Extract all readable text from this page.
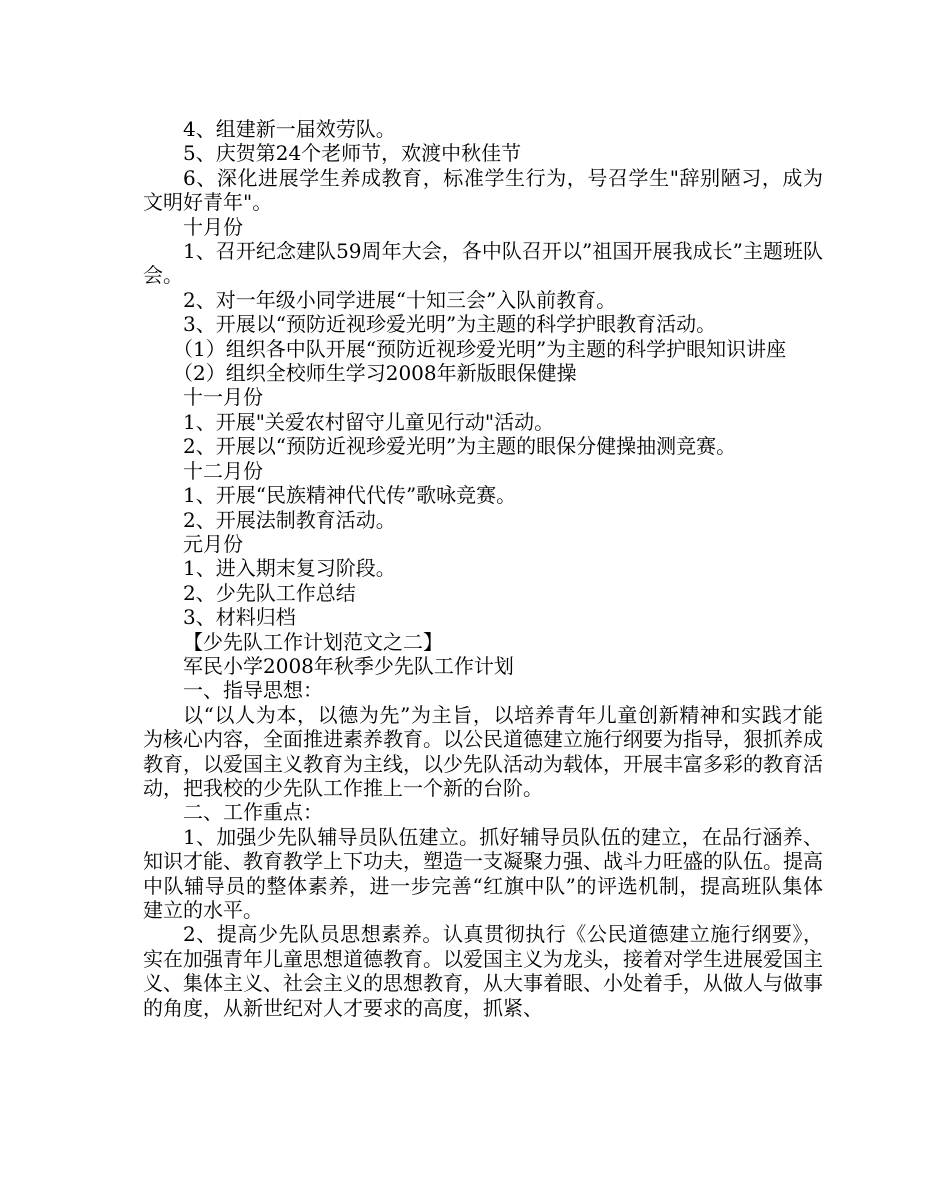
4、组建新一届效劳队。

5、庆贺第24个老师节，欢渡中秋佳节

6、深化进展学生养成教育，标准学生行为，号召学生"辞别陋习，成为文明好青年"。

十月份

1、召开纪念建队59周年大会，各中队召开以”祖国开展我成长”主题班队会。

2、对一年级小同学进展“十知三会”入队前教育。

3、开展以“预防近视珍爱光明”为主题的科学护眼教育活动。

（1）组织各中队开展“预防近视珍爱光明”为主题的科学护眼知识讲座

（2）组织全校师生学习2008年新版眼保健操

十一月份

1、开展"关爱农村留守儿童见行动"活动。

2、开展以“预防近视珍爱光明”为主题的眼保分健操抽测竞赛。

十二月份

1、开展“民族精神代代传”歌咏竞赛。

2、开展法制教育活动。

元月份

1、进入期末复习阶段。

2、少先队工作总结

3、材料归档

【少先队工作计划范文之二】

军民小学2008年秋季少先队工作计划

一、指导思想：

以“以人为本，以德为先”为主旨，以培养青年儿童创新精神和实践才能为核心内容，全面推进素养教育。以公民道德建立施行纲要为指导，狠抓养成教育，以爱国主义教育为主线，以少先队活动为载体，开展丰富多彩的教育活动，把我校的少先队工作推上一个新的台阶。

二、工作重点：

1、加强少先队辅导员队伍建立。抓好辅导员队伍的建立，在品行涵养、知识才能、教育教学上下功夫，塑造一支凝聚力强、战斗力旺盛的队伍。提高中队辅导员的整体素养，进一步完善“红旗中队”的评选机制，提高班队集体建立的水平。

2、提高少先队员思想素养。认真贯彻执行《公民道德建立施行纲要》，实在加强青年儿童思想道德教育。以爱国主义为龙头，接着对学生进展爱国主义、集体主义、社会主义的思想教育，从大事着眼、小处着手，从做人与做事的角度，从新世纪对人才要求的高度，抓紧、
